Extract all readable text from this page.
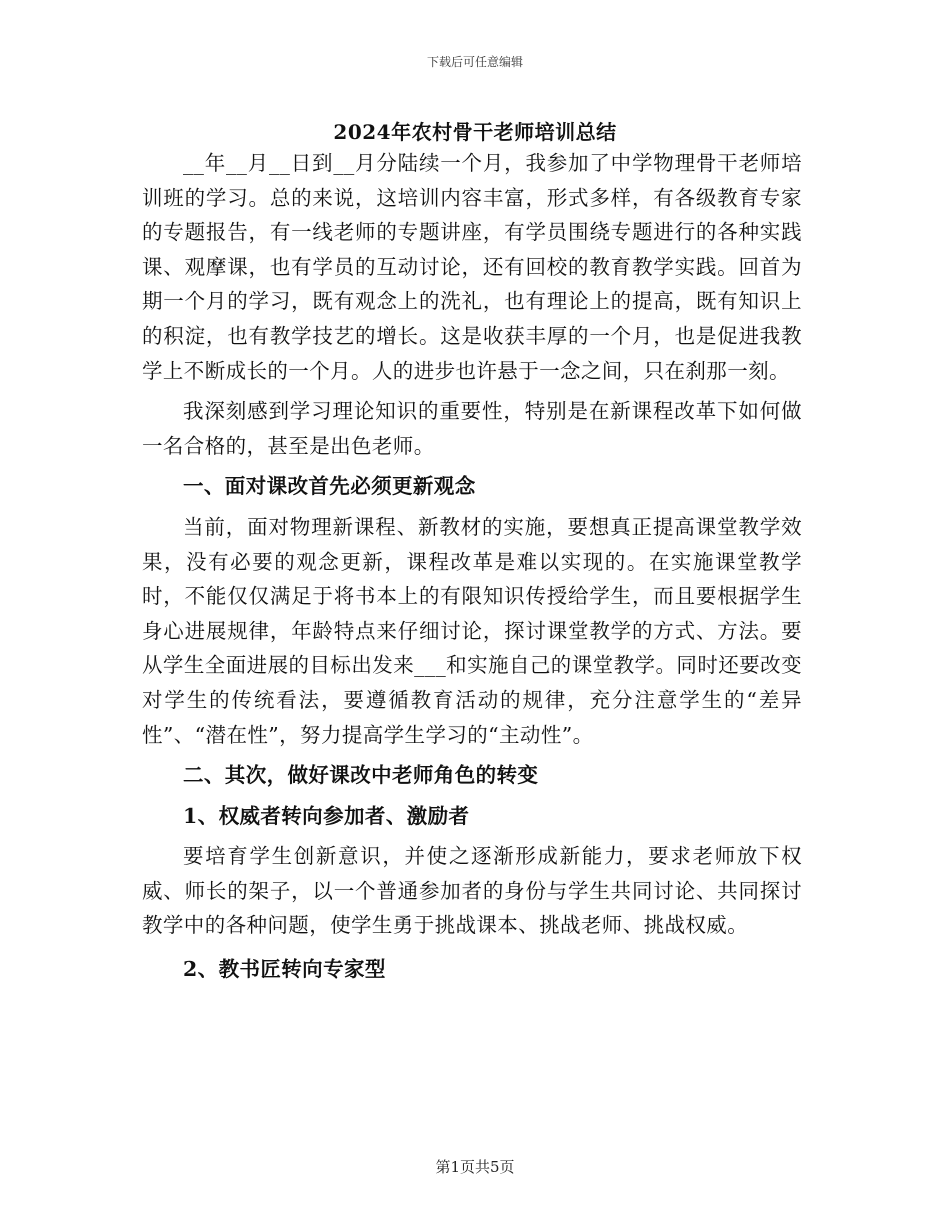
下载后可任意编辑
2024年农村骨干老师培训总结

__年__月__日到__月分陆续一个月，我参加了中学物理骨干老师培训班的学习。总的来说，这培训内容丰富，形式多样，有各级教育专家的专题报告，有一线老师的专题讲座，有学员围绕专题进行的各种实践课、观摩课，也有学员的互动讨论，还有回校的教育教学实践。回首为期一个月的学习，既有观念上的洗礼，也有理论上的提高，既有知识上的积淀，也有教学技艺的增长。这是收获丰厚的一个月，也是促进我教学上不断成长的一个月。人的进步也许悬于一念之间，只在刹那一刻。

我深刻感到学习理论知识的重要性，特别是在新课程改革下如何做一名合格的，甚至是出色老师。

一、面对课改首先必须更新观念

当前，面对物理新课程、新教材的实施，要想真正提高课堂教学效果，没有必要的观念更新，课程改革是难以实现的。在实施课堂教学时，不能仅仅满足于将书本上的有限知识传授给学生，而且要根据学生身心进展规律，年龄特点来仔细讨论，探讨课堂教学的方式、方法。要从学生全面进展的目标出发来___和实施自己的课堂教学。同时还要改变对学生的传统看法，要遵循教育活动的规律，充分注意学生的“差异性”、“潜在性”，努力提高学生学习的“主动性”。

二、其次，做好课改中老师角色的转变

1、权威者转向参加者、激励者

要培育学生创新意识，并使之逐渐形成新能力，要求老师放下权威、师长的架子，以一个普通参加者的身份与学生共同讨论、共同探讨教学中的各种问题，使学生勇于挑战课本、挑战老师、挑战权威。

2、教书匠转向专家型

第1页共5页
